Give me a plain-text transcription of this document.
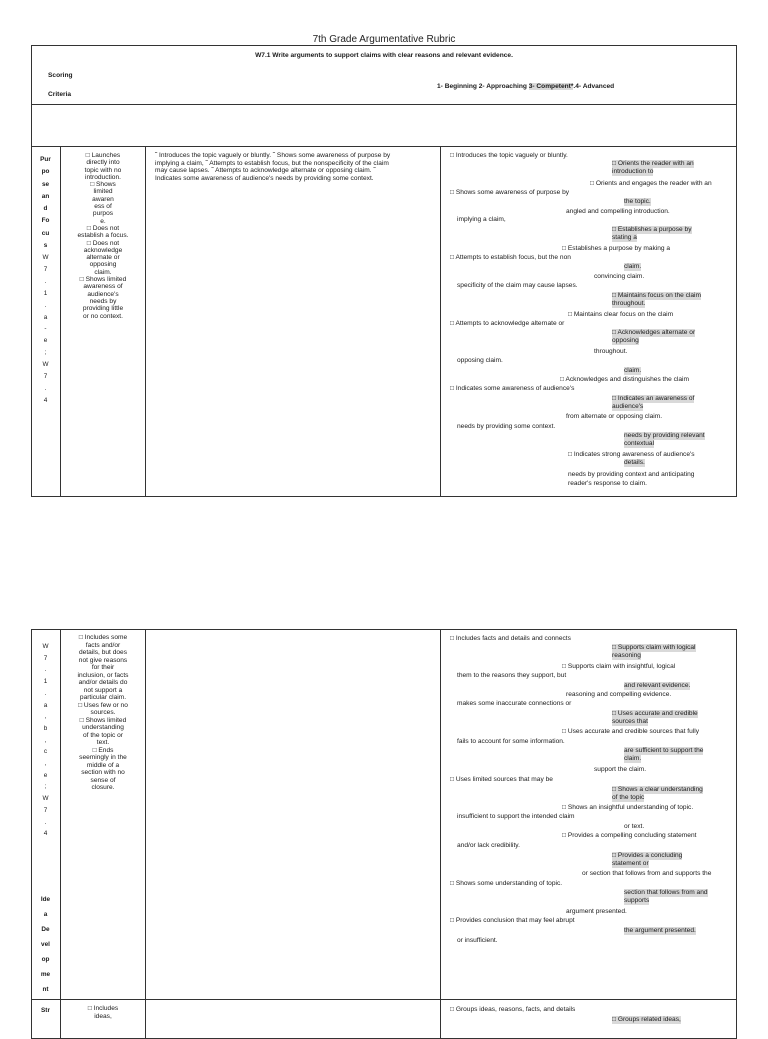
7th Grade Argumentative Rubric
W7.1 Write arguments to support claims with clear reasons and relevant evidence.
Scoring
Criteria
1- Beginning 2- Approaching 3- Competent*.4- Advanced
Pur
po
se
an
d
Fo
cu
s
W
7
.
1
.
a
-
e
;
W
7
.
4
□ Launches
directly into
topic with no
introduction.
□ Shows
limited
awaren
ess of
purpos
e.
□ Does not
establish a focus.
□ Does not
acknowledge
alternate or
opposing
claim.
□ Shows limited
awareness of
audience's
needs by
providing little
or no context.
˜ Introduces the topic vaguely or bluntly. ˜ Shows some awareness of purpose by
implying a claim, ˜ Attempts to establish focus, but the nonspecificity of the claim
may cause lapses. ˜ Attempts to acknowledge alternate or opposing claim. ˜
Indicates some awareness of audience's needs by providing some context.
□ Introduces the topic vaguely or bluntly.
□ Orients the reader with an
introduction to
□ Orients and engages the reader with an
□ Shows some awareness of purpose by
the topic.
angled and compelling introduction.
implying a claim,
□ Establishes a purpose by
stating a
□ Establishes a purpose by making a
□ Attempts to establish focus, but the non
claim.
convincing claim.
specificity of the claim may cause lapses.
□ Maintains focus on the claim
throughout.
□ Maintains clear focus on the claim
□ Attempts to acknowledge alternate or
□ Acknowledges alternate or
opposing
throughout.
opposing claim.
claim.
□ Acknowledges and distinguishes the claim
□ Indicates some awareness of audience's
□ Indicates an awareness of
audience's
from alternate or opposing claim.
needs by providing some context.
needs by providing relevant
contextual
□ Indicates strong awareness of audience's
details.
needs by providing context and anticipating
reader's response to claim.
W
7
.
1
.
a
,
b
,
c
,
e
;
W
7
.
4
Ide
a
De
vel
op
me
nt
□ Includes some
facts and/or
details, but does
not give reasons
for their
inclusion, or facts
and/or details do
not support a
particular claim.
□ Uses few or no
sources.
□ Shows limited
understanding
of the topic or
text.
□ Ends
seemingly in the
middle of a
section with no
sense of
closure.
□ Includes facts and details and connects
□ Supports claim with logical
reasoning
□ Supports claim with insightful, logical
them to the reasons they support, but
and relevant evidence.
reasoning and compelling evidence.
makes some inaccurate connections or
□ Uses accurate and credible
sources that
□ Uses accurate and credible sources that fully
fails to account for some information.
are sufficient to support the
claim.
support the claim.
□ Uses limited sources that may be
□ Shows a clear understanding
of the topic
□ Shows an insightful understanding of topic.
insufficient to support the intended claim
or text.
□ Provides a compelling concluding statement
and/or lack credibility.
□ Provides a concluding
statement or
or section that follows from and supports the
□ Shows some understanding of topic.
section that follows from and
supports
argument presented.
□ Provides conclusion that may feel abrupt
the argument presented.
or insufficient.
Str	□ Includes
ideas,
□ Groups ideas, reasons, facts, and details
□ Groups related ideas,
